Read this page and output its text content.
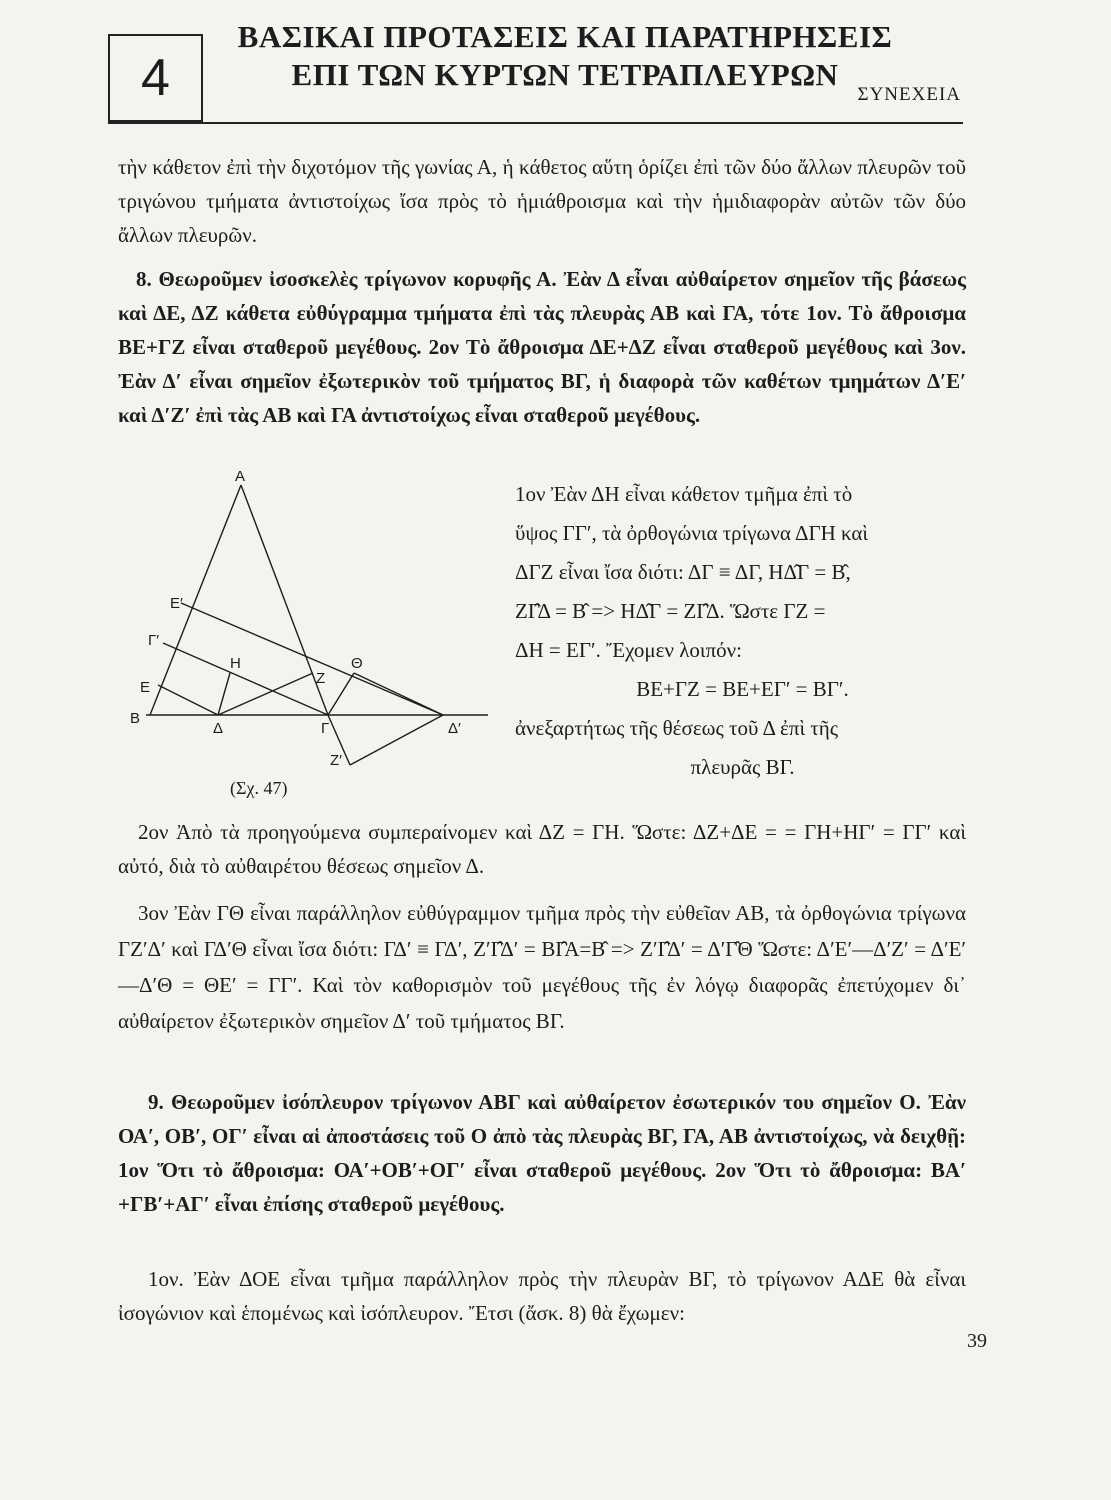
4
ΒΑΣΙΚΑΙ ΠΡΟΤΑΣΕΙΣ ΚΑΙ ΠΑΡΑΤΗΡΗΣΕΙΣ
ΕΠΙ ΤΩΝ ΚΥΡΤΩΝ ΤΕΤΡΑΠΛΕΥΡΩΝ
ΣΥΝΕΧΕΙΑ
τὴν κάθετον ἐπὶ τὴν διχοτόμον τῆς γωνίας Α, ἡ κάθετος αὕτη ὁρίζει ἐπὶ τῶν δύο ἄλλων πλευρῶν τοῦ τριγώνου τμήματα ἀντιστοίχως ἴσα πρὸς τὸ ἡμιάθροισμα καὶ τὴν ἡμιδιαφορὰν αὐτῶν τῶν δύο ἄλλων πλευρῶν.
8. Θεωροῦμεν ἰσοσκελὲς τρίγωνον κορυφῆς Α. Ἐὰν Δ εἶναι αὐθαίρετον σημεῖον τῆς βάσεως καὶ ΔΕ, ΔΖ κάθετα εὐθύγραμμα τμήματα ἐπὶ τὰς πλευρὰς ΑΒ καὶ ΓΑ, τότε 1ον. Τὸ ἄθροισμα ΒΕ+ΓΖ εἶναι σταθεροῦ μεγέθους. 2ον Τὸ ἄθροισμα ΔΕ+ΔΖ εἶναι σταθεροῦ μεγέθους καὶ 3ον. Ἐὰν Δ′ εἶναι σημεῖον ἐξωτερικὸν τοῦ τμήματος ΒΓ, ἡ διαφορὰ τῶν καθέτων τμημάτων Δ′Ε′ καὶ Δ′Ζ′ ἐπὶ τὰς ΑΒ καὶ ΓΑ ἀντιστοίχως εἶναι σταθεροῦ μεγέθους.
Α
Β
Γ
Δ	Δ′
Ε
Ε′
Γ′
Η
Ζ
Ζ′
Θ
(Σχ. 47)
1ον Ἐὰν ΔΗ εἶναι κάθετον τμῆμα ἐπὶ τὸ
ὕψος ΓΓ′, τὰ ὀρθογώνια τρίγωνα ΔΓΗ καὶ
ΔΓΖ εἶναι ἴσα διότι: ΔΓ ≡ ΔΓ, ΗΔ̂Γ = Β̂,
ΖΓ̂Δ = Β̂ => ΗΔ̂Γ = ΖΓ̂Δ. Ὥστε ΓΖ =
ΔΗ = ΕΓ′. Ἔχομεν λοιπόν:
ΒΕ+ΓΖ = ΒΕ+ΕΓ′ = ΒΓ′.
ἀνεξαρτήτως τῆς θέσεως τοῦ Δ ἐπὶ τῆς
πλευρᾶς ΒΓ.
2ον Ἀπὸ τὰ προηγούμενα συμπεραίνομεν καὶ ΔΖ = ΓΗ. Ὥστε: ΔΖ+ΔΕ = = ΓΗ+ΗΓ′ = ΓΓ′ καὶ αὐτό, διὰ τὸ αὐθαιρέτου θέσεως σημεῖον Δ.
3ον Ἐὰν ΓΘ εἶναι παράλληλον εὐθύγραμμον τμῆμα πρὸς τὴν εὐθεῖαν ΑΒ, τὰ ὀρθογώνια τρίγωνα ΓΖ′Δ′ καὶ ΓΔ′Θ εἶναι ἴσα διότι: ΓΔ′ ≡ ΓΔ′, Ζ′Γ̂Δ′ = ΒΓ̂Α=Β̂ => Ζ′Γ̂Δ′ = Δ′Γ̂Θ Ὥστε: Δ′Ε′—Δ′Ζ′ = Δ′Ε′—Δ′Θ = ΘΕ′ = ΓΓ′. Καὶ τὸν καθορισμὸν τοῦ μεγέθους τῆς ἐν λόγῳ διαφορᾶς ἐπετύχομεν δι᾿ αὐθαίρετον ἐξωτερικὸν σημεῖον Δ′ τοῦ τμήματος ΒΓ.
9. Θεωροῦμεν ἰσόπλευρον τρίγωνον ΑΒΓ καὶ αὐθαίρετον ἐσωτερικόν του σημεῖον Ο. Ἐὰν ΟΑ′, ΟΒ′, ΟΓ′ εἶναι αἱ ἀποστάσεις τοῦ Ο ἀπὸ τὰς πλευρὰς ΒΓ, ΓΑ, ΑΒ ἀντιστοίχως, νὰ δειχθῇ: 1ον Ὅτι τὸ ἄθροισμα: ΟΑ′+ΟΒ′+ΟΓ′ εἶναι σταθεροῦ μεγέθους. 2ον Ὅτι τὸ ἄθροισμα: ΒΑ′+ΓΒ′+ΑΓ′ εἶναι ἐπίσης σταθεροῦ μεγέθους.
1ον. Ἐὰν ΔΟΕ εἶναι τμῆμα παράλληλον πρὸς τὴν πλευρὰν ΒΓ, τὸ τρίγωνον ΑΔΕ θὰ εἶναι ἰσογώνιον καὶ ἑπομένως καὶ ἰσόπλευρον. Ἔτσι (ἄσκ. 8) θὰ ἔχωμεν:
39
